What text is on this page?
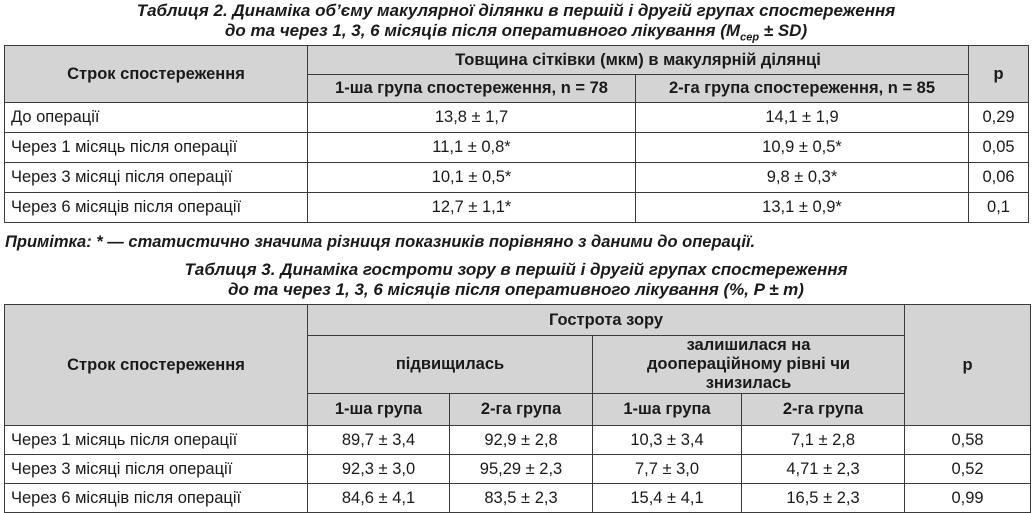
Таблиця 2. Динаміка об’єму макулярної ділянки в першій і другій групах спостереження
до та через 1, 3, 6 місяців після оперативного лікування $(M_{сер} \pm SD)$
Строк спостереження	Товщина сітківки (мкм) в макулярній ділянці		р
	1-ша група спостереження, n = 78	2-га група спостереження, n = 85	
До операції	13,8 ± 1,7	14,1 ± 1,9	0,29
Через 1 місяць після операції	11,1 ± 0,8*	10,9 ± 0,5*	0,05
Через 3 місяці після операції	10,1 ± 0,5*	9,8 ± 0,3*	0,06
Через 6 місяців після операції	12,7 ± 1,1*	13,1 ± 0,9*	0,1
Примітка: * — статистично значима різниця показників порівняно з даними до операції.
Таблиця 3. Динаміка гостроти зору в першій і другій групах спостереження
до та через 1, 3, 6 місяців після оперативного лікування (%, P ± m)
Строк спостереження	Гострота зору				р
	підвищилась		залишилася на доопераційному рівні чи знизилась		
	1-ша група	2-га група	1-ша група	2-га група	
Через 1 місяць після операції	89,7 ± 3,4	92,9 ± 2,8	10,3 ± 3,4	7,1 ± 2,8	0,58
Через 3 місяці після операції	92,3 ± 3,0	95,29 ± 2,3	7,7 ± 3,0	4,71 ± 2,3	0,52
Через 6 місяців після операції	84,6 ± 4,1	83,5 ± 2,3	15,4 ± 4,1	16,5 ± 2,3	0,99
